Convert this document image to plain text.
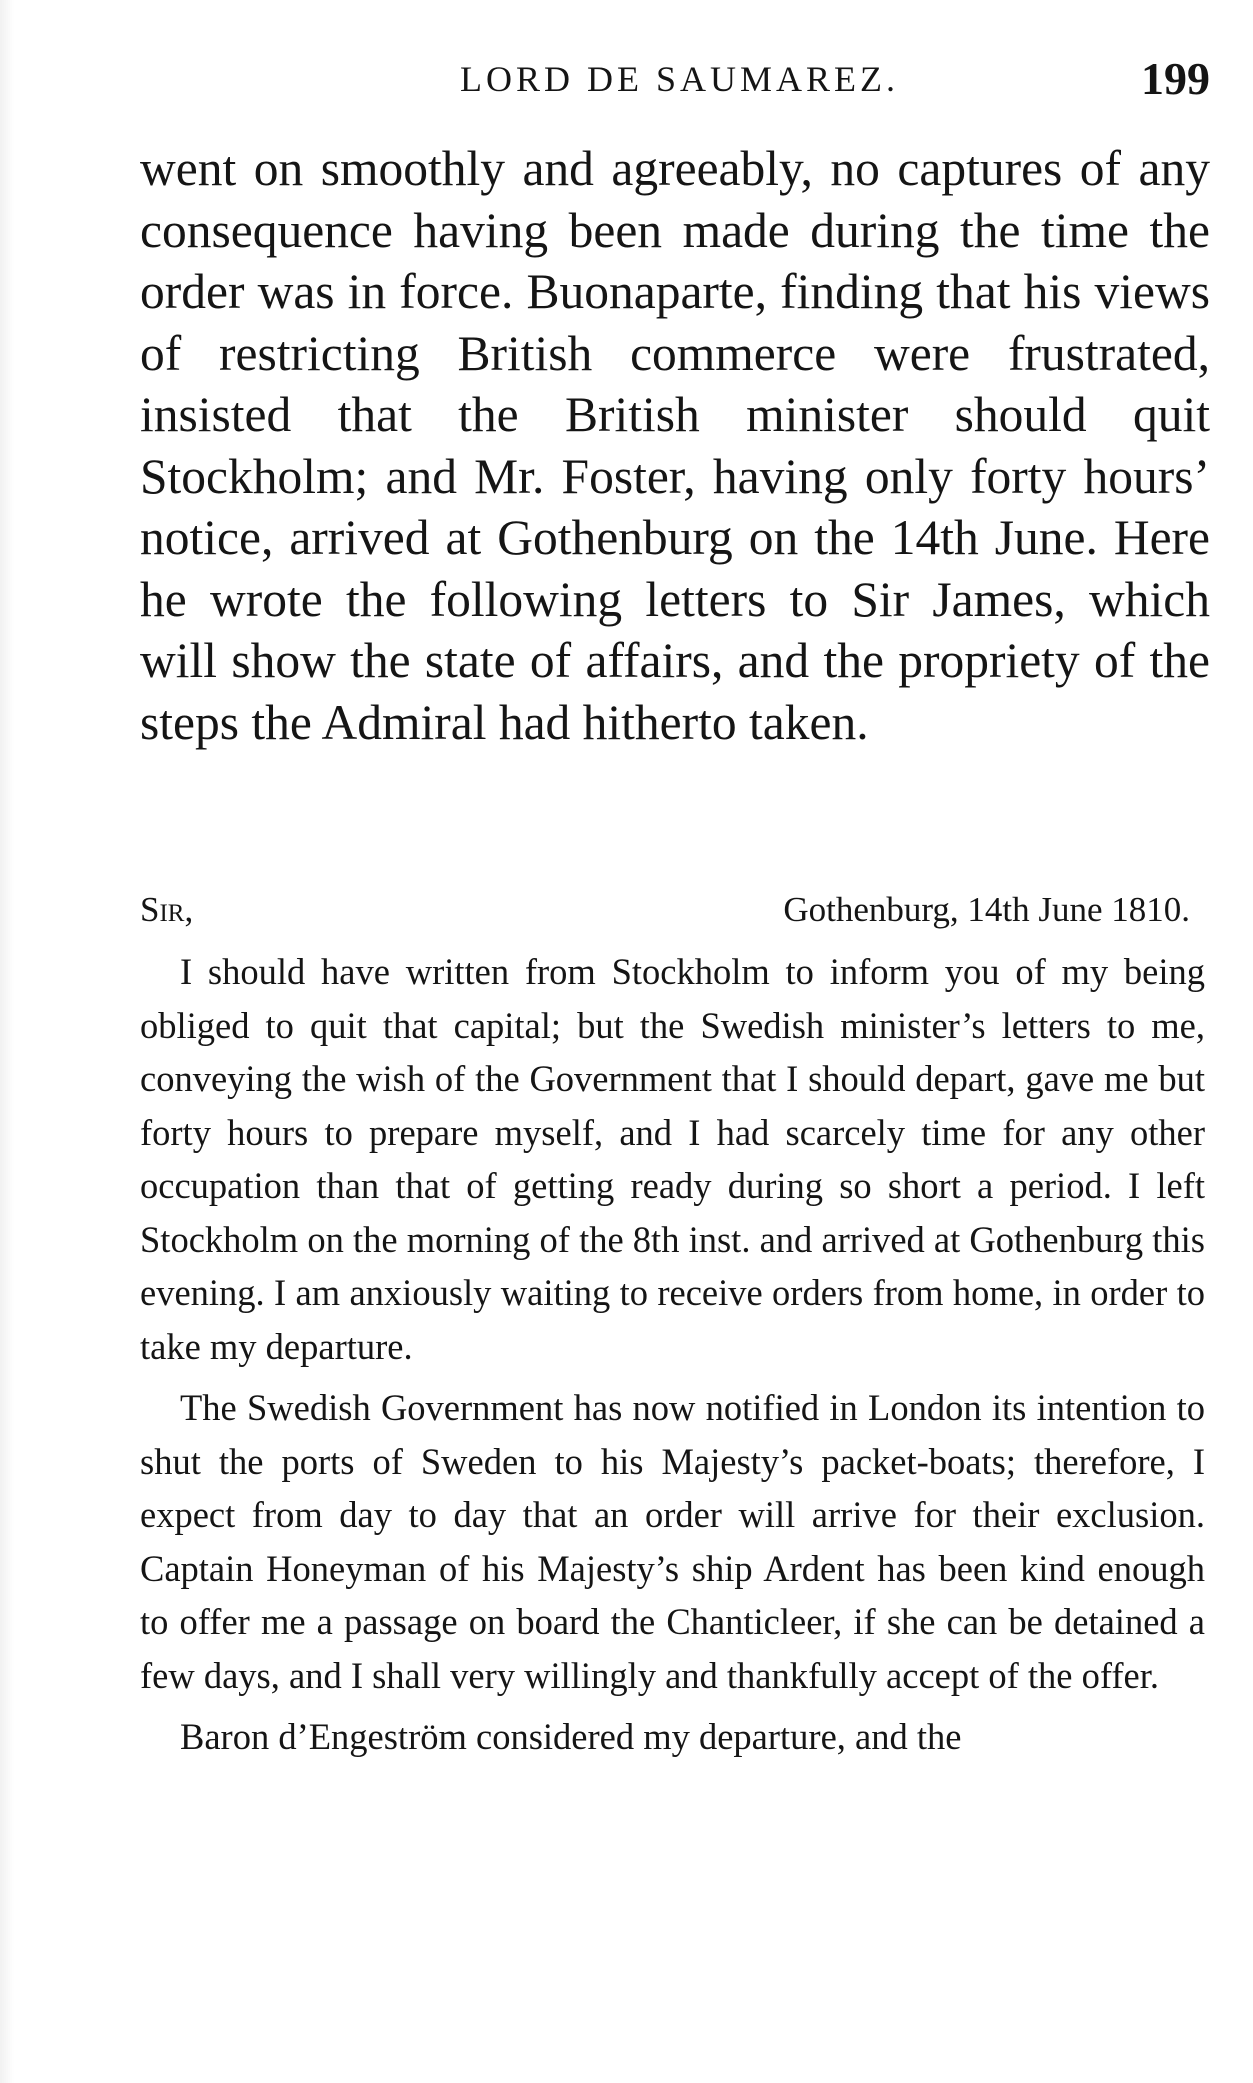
LORD DE SAUMAREZ.	199

went on smoothly and agreeably, no captures of any consequence having been made during the time the order was in force. Buonaparte, finding that his views of restricting British commerce were frustrated, insisted that the British minister should quit Stockholm; and Mr. Foster, having only forty hours’ notice, arrived at Gothenburg on the 14th June. Here he wrote the following letters to Sir James, which will show the state of affairs, and the propriety of the steps the Admiral had hitherto taken.

Sir,	Gothenburg, 14th June 1810.

I should have written from Stockholm to inform you of my being obliged to quit that capital; but the Swedish minister’s letters to me, conveying the wish of the Government that I should depart, gave me but forty hours to prepare myself, and I had scarcely time for any other occupation than that of getting ready during so short a period. I left Stockholm on the morning of the 8th inst. and arrived at Gothenburg this evening. I am anxiously waiting to receive orders from home, in order to take my departure.

The Swedish Government has now notified in London its intention to shut the ports of Sweden to his Majesty’s packet-boats; therefore, I expect from day to day that an order will arrive for their exclusion. Captain Honeyman of his Majesty’s ship Ardent has been kind enough to offer me a passage on board the Chanticleer, if she can be detained a few days, and I shall very willingly and thankfully accept of the offer.

Baron d’Engeström considered my departure, and the
